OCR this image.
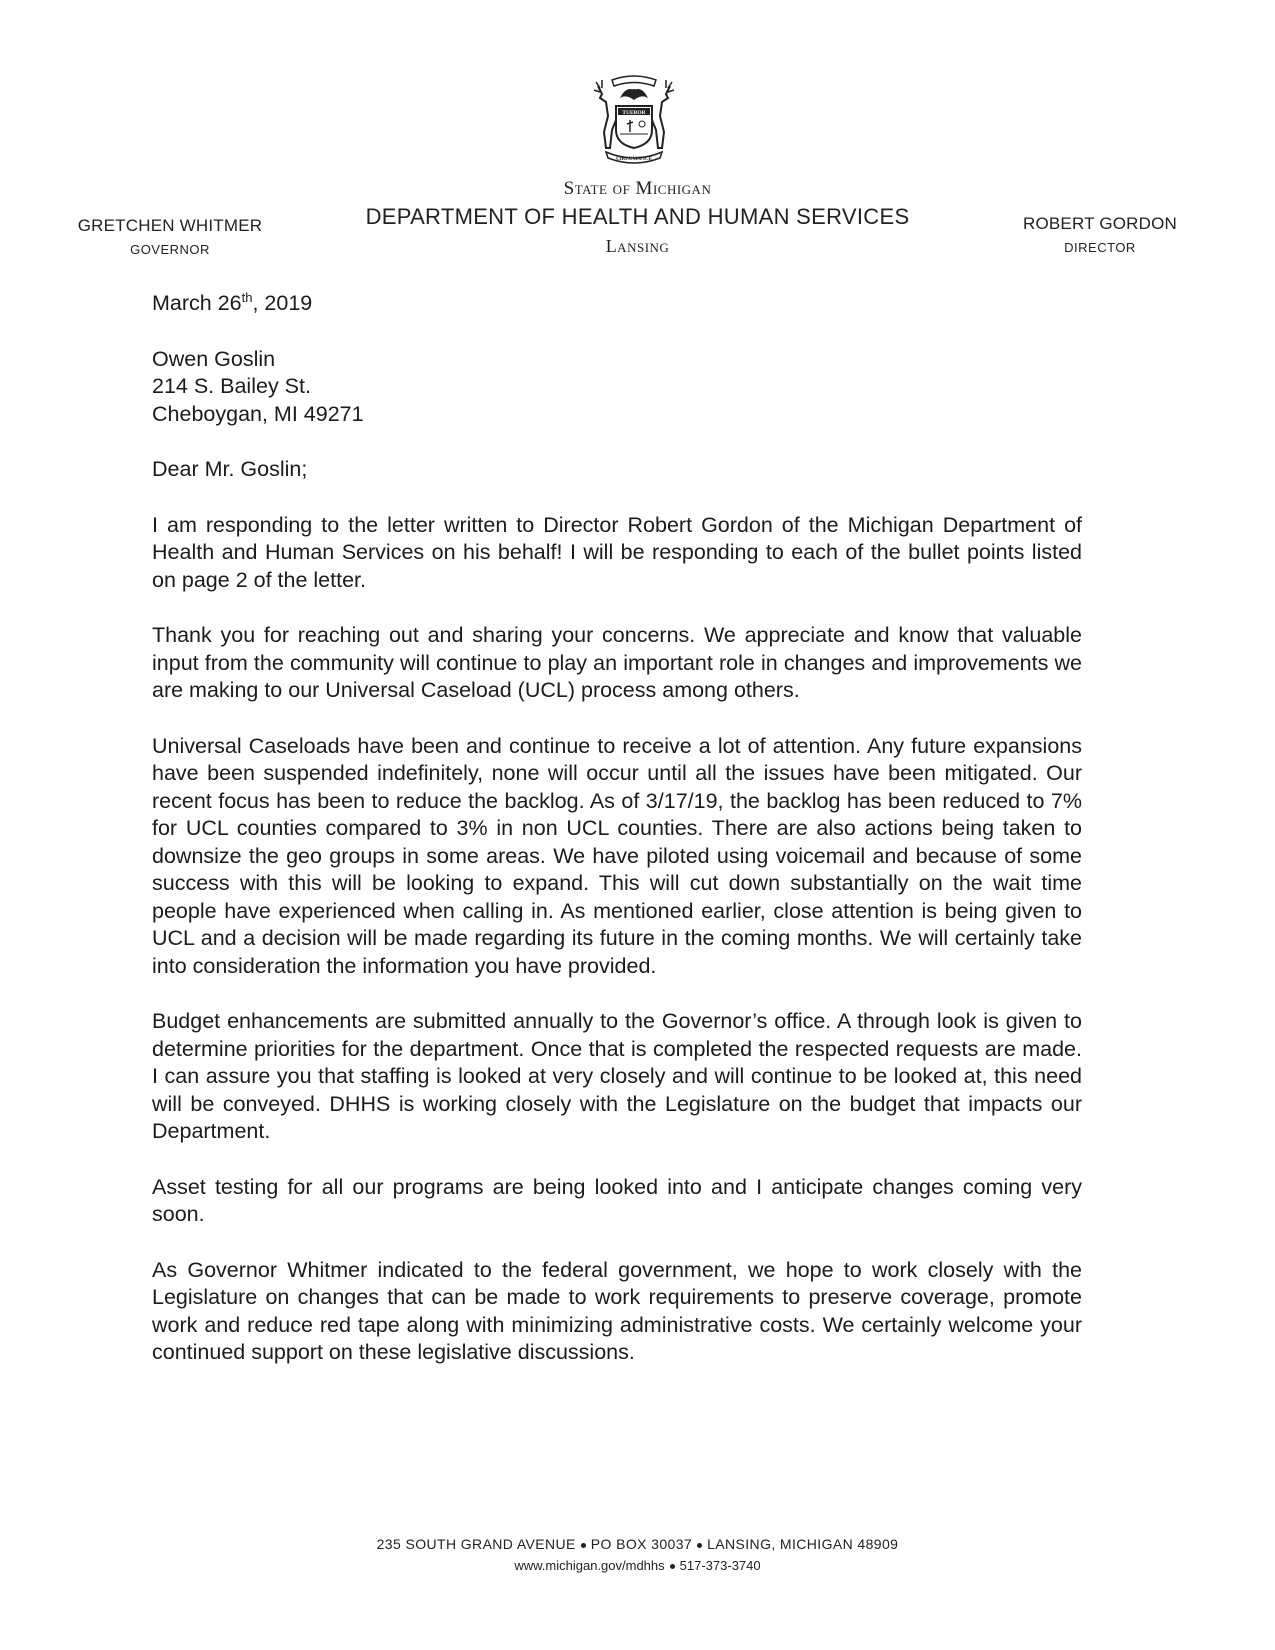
TUEBOR
CIRCUMSPICE
State of Michigan
DEPARTMENT OF HEALTH AND HUMAN SERVICES
Lansing
GRETCHEN WHITMER
GOVERNOR
ROBERT GORDON
DIRECTOR
March 26th, 2019
Owen Goslin
214 S. Bailey St.
Cheboygan, MI 49271
Dear Mr. Goslin;

I am responding to the letter written to Director Robert Gordon of the Michigan Department of Health and Human Services on his behalf! I will be responding to each of the bullet points listed on page 2 of the letter.

Thank you for reaching out and sharing your concerns. We appreciate and know that valuable input from the community will continue to play an important role in changes and improvements we are making to our Universal Caseload (UCL) process among others.

Universal Caseloads have been and continue to receive a lot of attention. Any future expansions have been suspended indefinitely, none will occur until all the issues have been mitigated. Our recent focus has been to reduce the backlog. As of 3/17/19, the backlog has been reduced to 7% for UCL counties compared to 3% in non UCL counties. There are also actions being taken to downsize the geo groups in some areas. We have piloted using voicemail and because of some success with this will be looking to expand. This will cut down substantially on the wait time people have experienced when calling in. As mentioned earlier, close attention is being given to UCL and a decision will be made regarding its future in the coming months. We will certainly take into consideration the information you have provided.

Budget enhancements are submitted annually to the Governor’s office. A through look is given to determine priorities for the department. Once that is completed the respected requests are made. I can assure you that staffing is looked at very closely and will continue to be looked at, this need will be conveyed. DHHS is working closely with the Legislature on the budget that impacts our Department.

Asset testing for all our programs are being looked into and I anticipate changes coming very soon.

As Governor Whitmer indicated to the federal government, we hope to work closely with the Legislature on changes that can be made to work requirements to preserve coverage, promote work and reduce red tape along with minimizing administrative costs. We certainly welcome your continued support on these legislative discussions.

235 SOUTH GRAND AVENUE PO BOX 30037 LANSING, MICHIGAN 48909
www.michigan.gov/mdhhs 517-373-3740
